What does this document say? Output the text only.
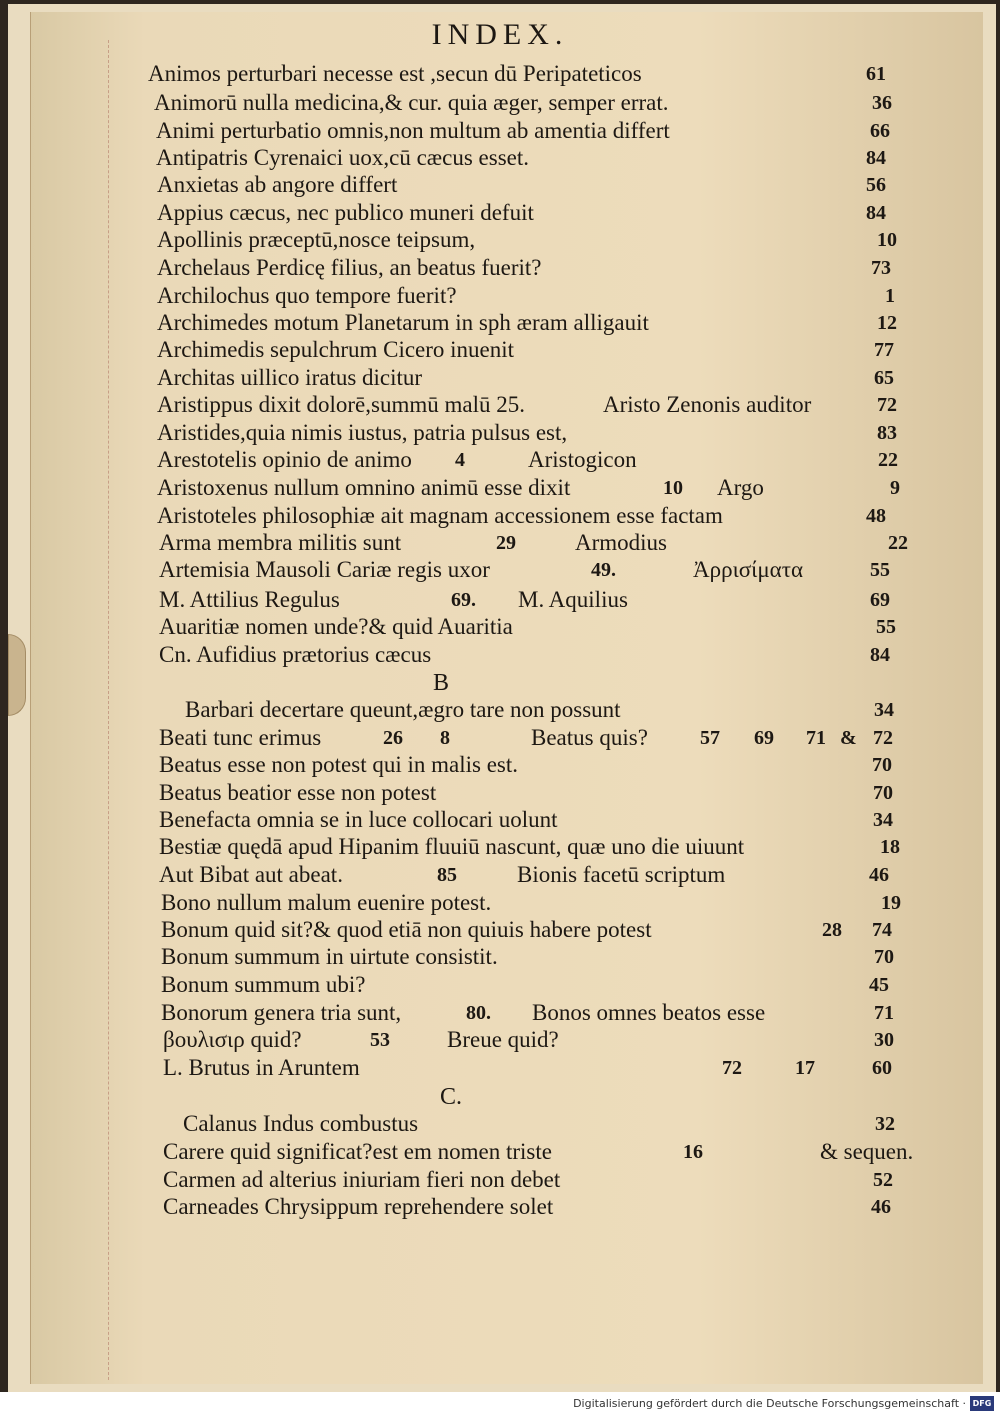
INDEX.
Animos perturbari necesse est ,secun dū Peripateticos	61
Animorū nulla medicina,& cur. quia æger, semper errat.	36
Animi perturbatio omnis,non multum ab amentia differt	66
Antipatris Cyrenaici uox,cū cæcus esset.	84
Anxietas ab angore differt	56
Appius cæcus, nec publico muneri defuit	84
Apollinis præceptū,nosce teipsum,	10
Archelaus Perdicę filius, an beatus fuerit?	73
Archilochus quo tempore fuerit?	1
Archimedes motum Planetarum in sph æram alligauit	12
Archimedis sepulchrum Cicero inuenit	77
Architas uillico iratus dicitur	65
Aristippus dixit dolorē,summū malū 25.	Aristo Zenonis auditor	72
Aristides,quia nimis iustus, patria pulsus est,	83
Arestotelis opinio de animo 4	Aristogicon	22
Aristoxenus nullum omnino animū esse dixit	10 Argo	9
Aristoteles philosophiæ ait magnam accessionem esse factam	48
Arma membra militis sunt	29	Armodius	22
Artemisia Mausoli Cariæ regis uxor	49.	Ἀρρισίματα	55
M. Attilius Regulus	69. M. Aquilius	69
Auaritiæ nomen unde?& quid Auaritia	55
Cn. Aufidius prætorius cæcus	84
B
Barbari decertare queunt,ægro tare non possunt	34
Beati tunc erimus	26 8	Beatus quis?	57 69 71 & 72
Beatus esse non potest qui in malis est.	70
Beatus beatior esse non potest	70
Benefacta omnia se in luce collocari uolunt	34
Bestiæ quędā apud Hipanim fluuiū nascunt, quæ uno die uiuunt	18
Aut Bibat aut abeat.	85	Bionis facetū scriptum	46
Bono nullum malum euenire potest.	19
Bonum quid sit?& quod etiā non quiuis habere potest	28 74
Bonum summum in uirtute consistit.	70
Bonum summum ubi?	45
Bonorum genera tria sunt,	80. Bonos omnes beatos esse	71
βουλισιρ quid?	53 Breue quid?	30
L. Brutus in Aruntem	72	17	60
C.
Calanus Indus combustus	32
Carere quid significat?est em nomen triste	16	& sequen.
Carmen ad alterius iniuriam fieri non debet	52
Carneades Chrysippum reprehendere solet	46
Digitalisierung gefördert durch die Deutsche Forschungsgemeinschaft · DFG
